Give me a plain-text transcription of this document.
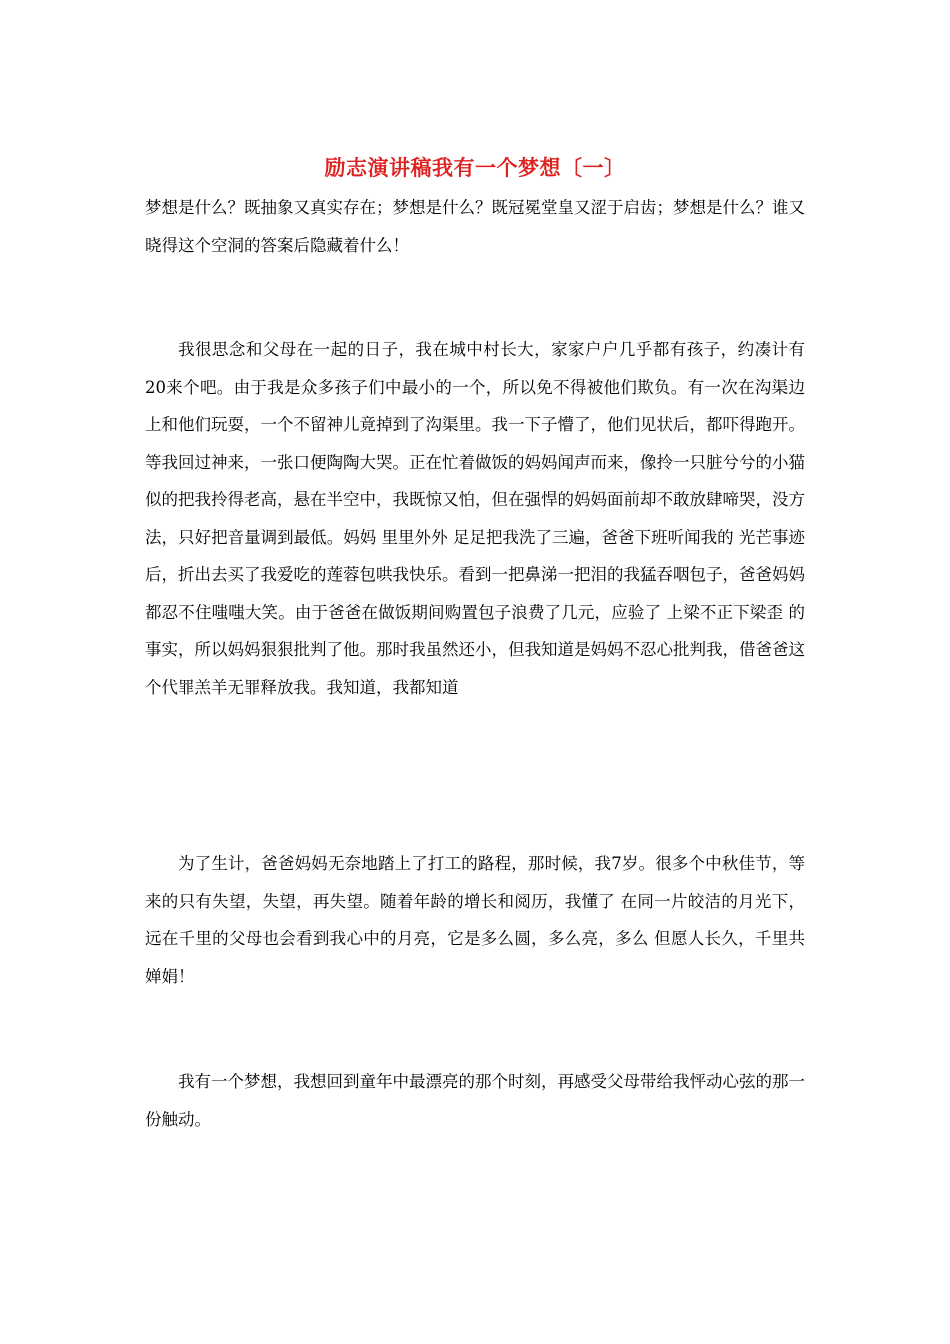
励志演讲稿我有一个梦想〔一〕

梦想是什么？既抽象又真实存在；梦想是什么？既冠冕堂皇又涩于启齿；梦想是什么？谁又晓得这个空洞的答案后隐藏着什么！

我很思念和父母在一起的日子，我在城中村长大，家家户户几乎都有孩子，约凑计有20来个吧。由于我是众多孩子们中最小的一个，所以免不得被他们欺负。有一次在沟渠边上和他们玩耍，一个不留神儿竟掉到了沟渠里。我一下子懵了，他们见状后，都吓得跑开。等我回过神来，一张口便陶陶大哭。正在忙着做饭的妈妈闻声而来，像拎一只脏兮兮的小猫似的把我拎得老高，悬在半空中，我既惊又怕，但在强悍的妈妈面前却不敢放肆啼哭，没方法，只好把音量调到最低。妈妈 里里外外 足足把我洗了三遍，爸爸下班听闻我的 光芒事迹 后，折出去买了我爱吃的莲蓉包哄我快乐。看到一把鼻涕一把泪的我猛吞咽包子，爸爸妈妈都忍不住嗤嗤大笑。由于爸爸在做饭期间购置包子浪费了几元，应验了 上梁不正下梁歪 的事实，所以妈妈狠狠批判了他。那时我虽然还小，但我知道是妈妈不忍心批判我，借爸爸这个代罪羔羊无罪释放我。我知道，我都知道

为了生计，爸爸妈妈无奈地踏上了打工的路程，那时候，我7岁。很多个中秋佳节，等来的只有失望，失望，再失望。随着年龄的增长和阅历，我懂了 在同一片皎洁的月光下，远在千里的父母也会看到我心中的月亮，它是多么圆，多么亮，多么 但愿人长久，千里共婵娟！

我有一个梦想，我想回到童年中最漂亮的那个时刻，再感受父母带给我怦动心弦的那一份触动。
